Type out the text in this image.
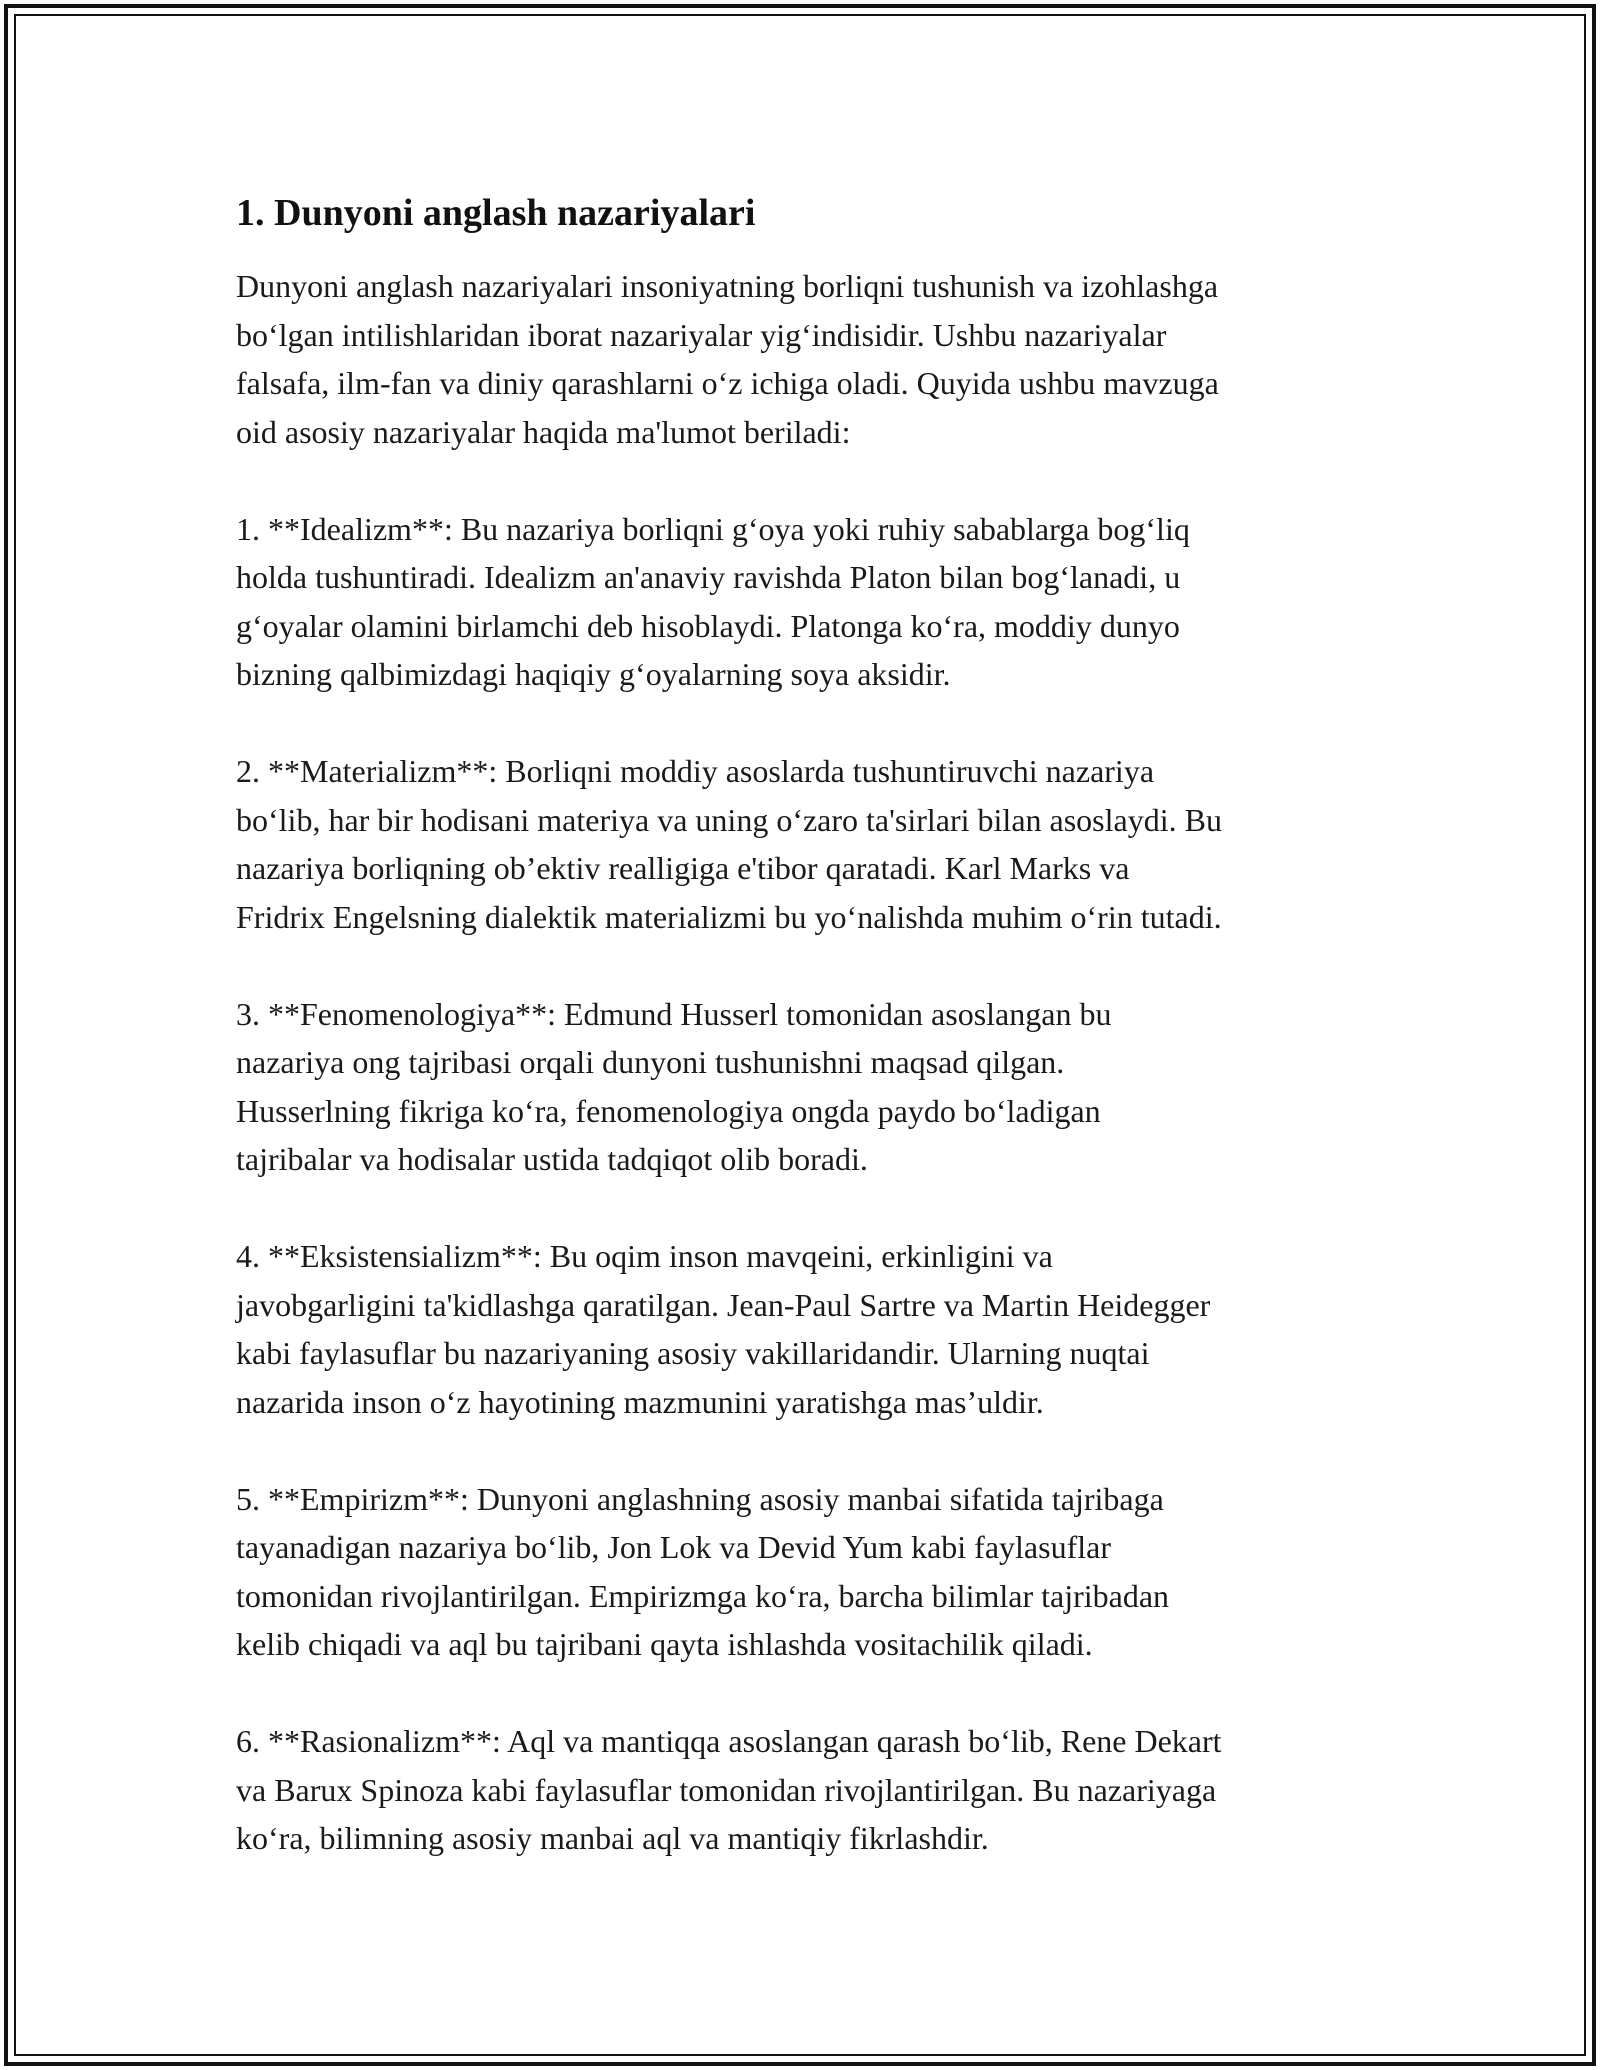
1. Dunyoni anglash nazariyalari
Dunyoni anglash nazariyalari insoniyatning borliqni tushunish va izohlashga
bo‘lgan intilishlaridan iborat nazariyalar yig‘indisidir. Ushbu nazariyalar
falsafa, ilm-fan va diniy qarashlarni o‘z ichiga oladi. Quyida ushbu mavzuga
oid asosiy nazariyalar haqida ma'lumot beriladi:
1. **Idealizm**: Bu nazariya borliqni g‘oya yoki ruhiy sabablarga bog‘liq
holda tushuntiradi. Idealizm an'anaviy ravishda Platon bilan bog‘lanadi, u
g‘oyalar olamini birlamchi deb hisoblaydi. Platonga ko‘ra, moddiy dunyo
bizning qalbimizdagi haqiqiy g‘oyalarning soya aksidir.
2. **Materializm**: Borliqni moddiy asoslarda tushuntiruvchi nazariya
bo‘lib, har bir hodisani materiya va uning o‘zaro ta'sirlari bilan asoslaydi. Bu
nazariya borliqning ob’ektiv realligiga e'tibor qaratadi. Karl Marks va
Fridrix Engelsning dialektik materializmi bu yo‘nalishda muhim o‘rin tutadi.
3. **Fenomenologiya**: Edmund Husserl tomonidan asoslangan bu
nazariya ong tajribasi orqali dunyoni tushunishni maqsad qilgan.
Husserlning fikriga ko‘ra, fenomenologiya ongda paydo bo‘ladigan
tajribalar va hodisalar ustida tadqiqot olib boradi.
4. **Eksistensializm**: Bu oqim inson mavqeini, erkinligini va
javobgarligini ta'kidlashga qaratilgan. Jean-Paul Sartre va Martin Heidegger
kabi faylasuflar bu nazariyaning asosiy vakillaridandir. Ularning nuqtai
nazarida inson o‘z hayotining mazmunini yaratishga mas’uldir.
5. **Empirizm**: Dunyoni anglashning asosiy manbai sifatida tajribaga
tayanadigan nazariya bo‘lib, Jon Lok va Devid Yum kabi faylasuflar
tomonidan rivojlantirilgan. Empirizmga ko‘ra, barcha bilimlar tajribadan
kelib chiqadi va aql bu tajribani qayta ishlashda vositachilik qiladi.
6. **Rasionalizm**: Aql va mantiqqa asoslangan qarash bo‘lib, Rene Dekart
va Barux Spinoza kabi faylasuflar tomonidan rivojlantirilgan. Bu nazariyaga
ko‘ra, bilimning asosiy manbai aql va mantiqiy fikrlashdir.
